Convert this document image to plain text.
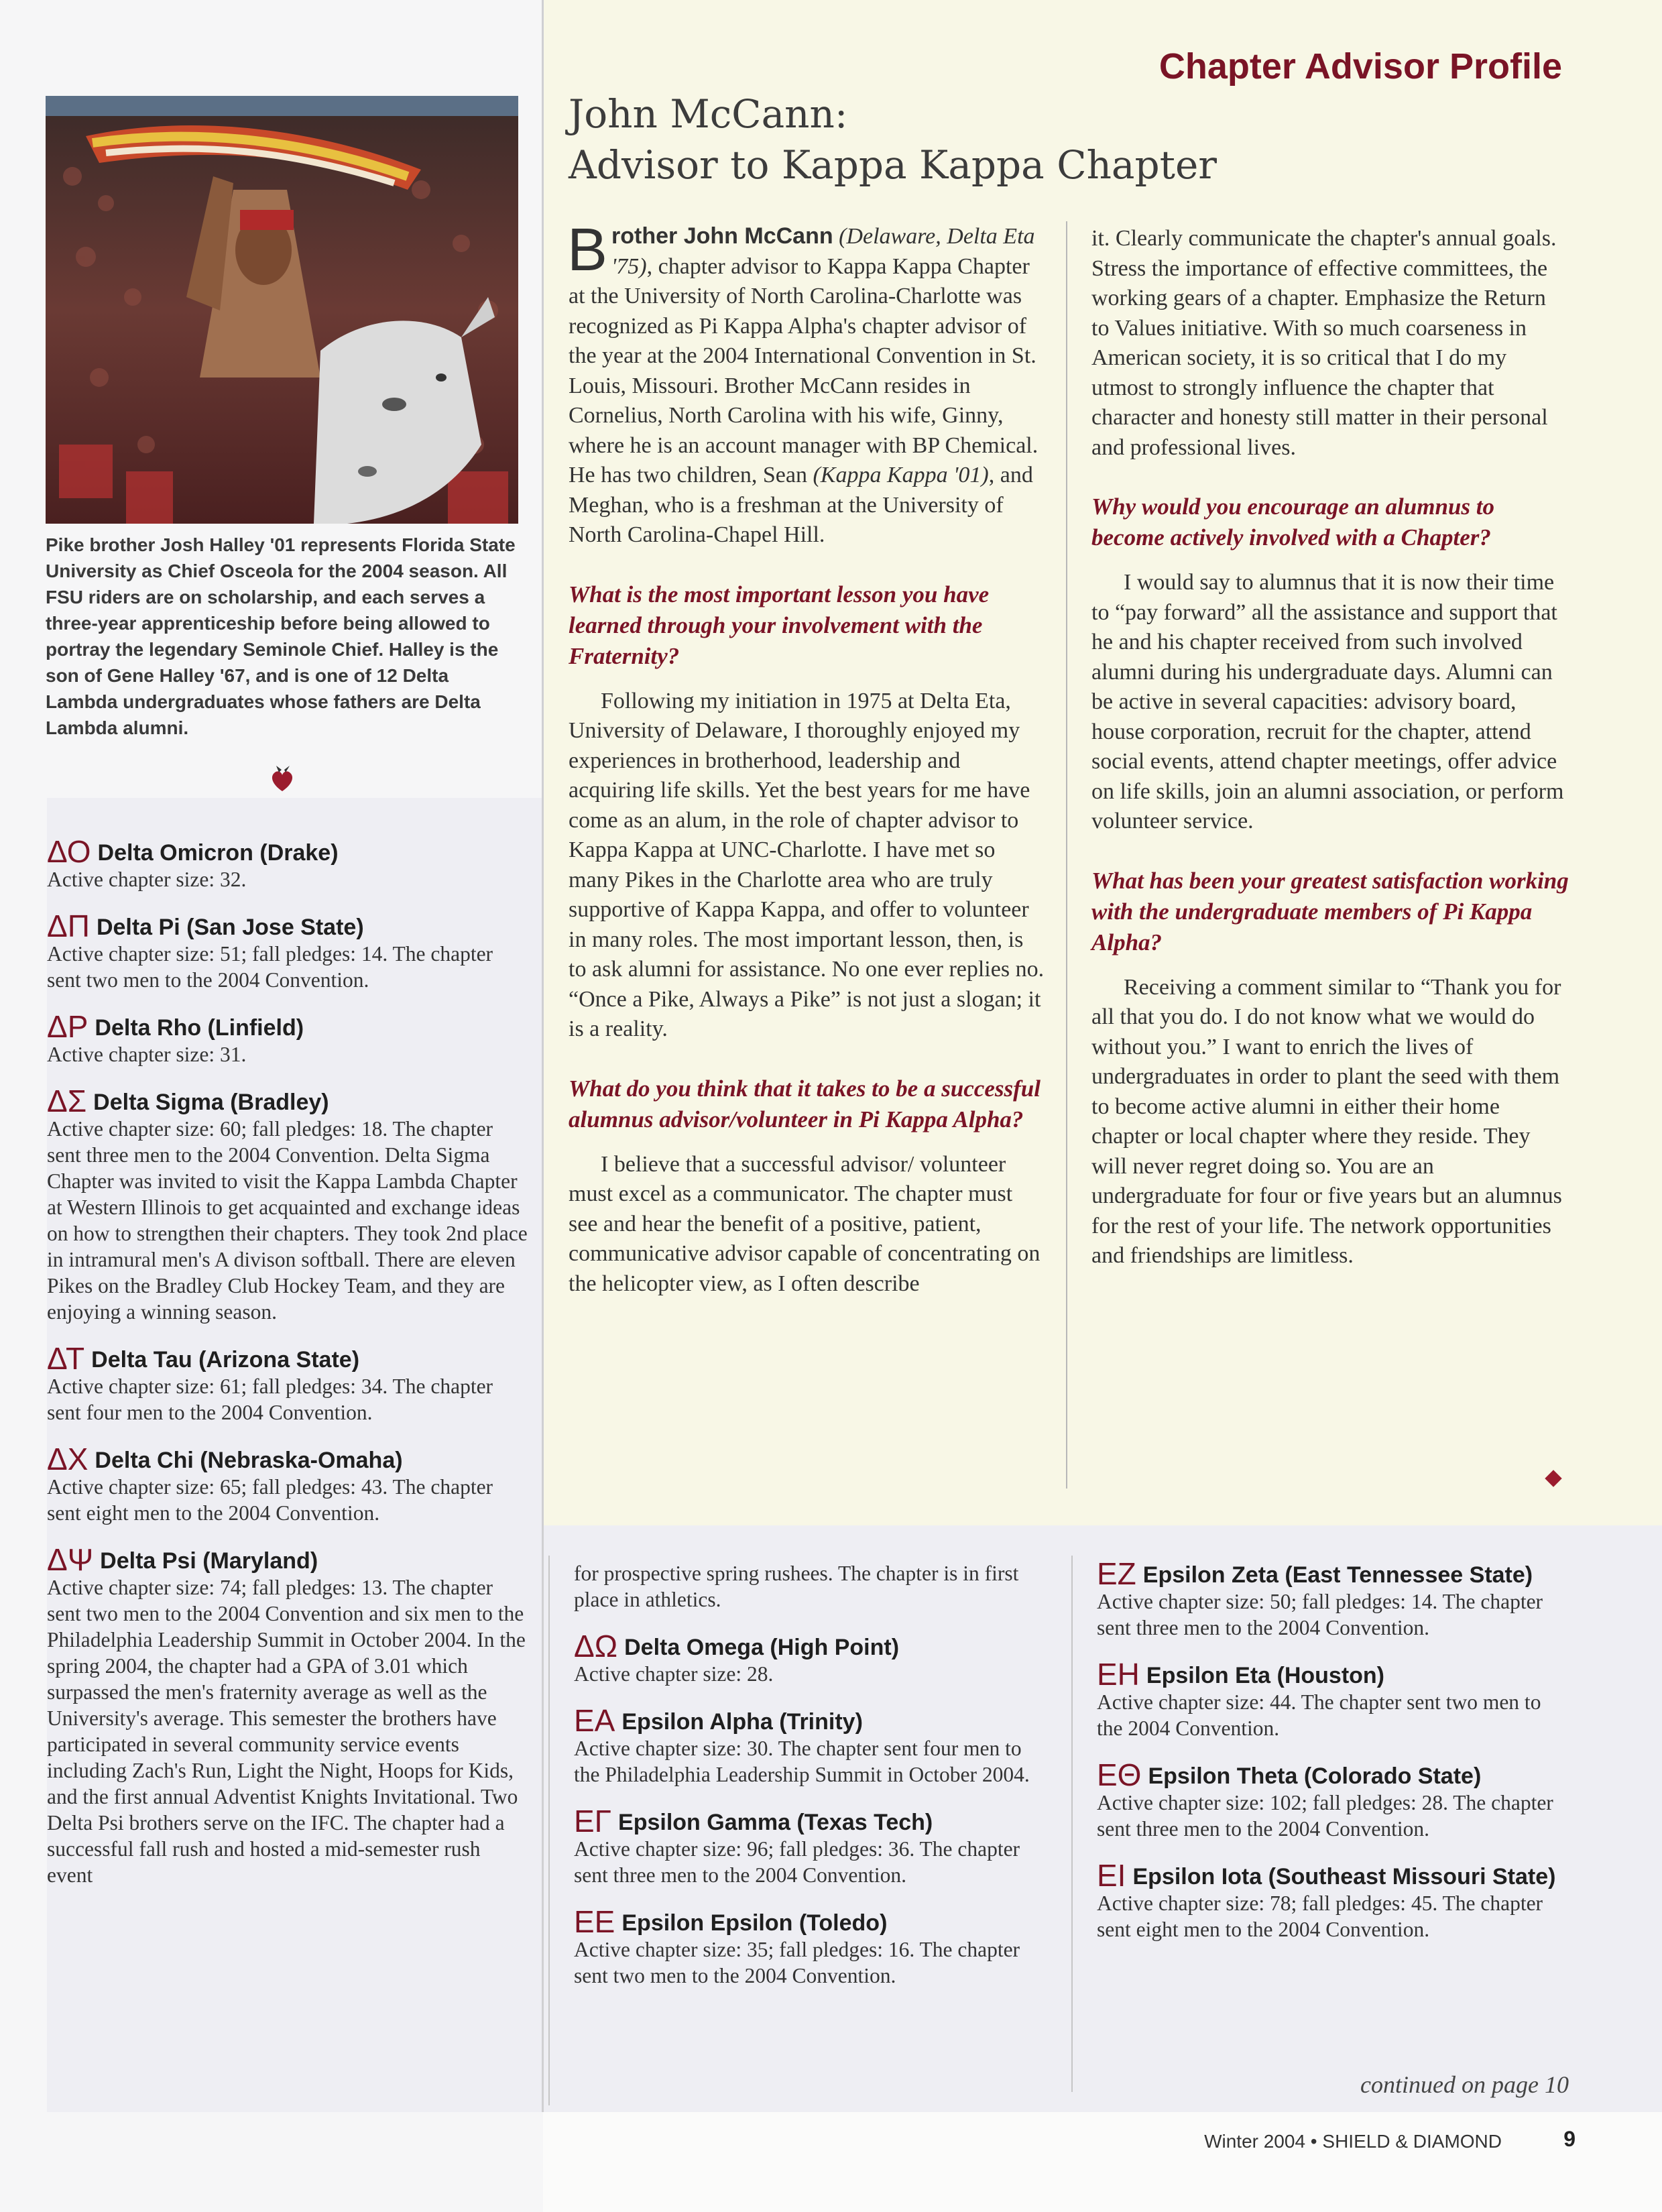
Chapter Advisor Profile
John McCann:
Advisor to Kappa Kappa Chapter
Pike brother Josh Halley '01 represents Florida State University as Chief Osceola for the 2004 season. All FSU riders are on scholarship, and each serves a three-year apprenticeship before being allowed to portray the legendary Seminole Chief. Halley is the son of Gene Halley '67, and is one of 12 Delta Lambda undergraduates whose fathers are Delta Lambda alumni.

Brother John McCann (Delaware, Delta Eta '75), chapter advisor to Kappa Kappa Chapter at the University of North Carolina-Charlotte was recognized as Pi Kappa Alpha's chapter advisor of the year at the 2004 International Convention in St. Louis, Missouri. Brother McCann resides in Cornelius, North Carolina with his wife, Ginny, where he is an account manager with BP Chemical. He has two children, Sean (Kappa Kappa '01), and Meghan, who is a freshman at the University of North Carolina-Chapel Hill.

What is the most important lesson you have learned through your involvement with the Fraternity?

Following my initiation in 1975 at Delta Eta, University of Delaware, I thoroughly enjoyed my experiences in brotherhood, leadership and acquiring life skills. Yet the best years for me have come as an alum, in the role of chapter advisor to Kappa Kappa at UNC-Charlotte. I have met so many Pikes in the Charlotte area who are truly supportive of Kappa Kappa, and offer to volunteer in many roles. The most important lesson, then, is to ask alumni for assistance. No one ever replies no. “Once a Pike, Always a Pike” is not just a slogan; it is a reality.

What do you think that it takes to be a successful alumnus advisor/volunteer in Pi Kappa Alpha?

I believe that a successful advisor/ volunteer must excel as a communicator. The chapter must see and hear the benefit of a positive, patient, communicative advisor capable of concentrating on the helicopter view, as I often describe

it. Clearly communicate the chapter's annual goals. Stress the importance of effective committees, the working gears of a chapter. Emphasize the Return to Values initiative. With so much coarseness in American society, it is so critical that I do my utmost to strongly influence the chapter that character and honesty still matter in their personal and professional lives.

Why would you encourage an alumnus to become actively involved with a Chapter?

I would say to alumnus that it is now their time to “pay forward” all the assistance and support that he and his chapter received from such involved alumni during his undergraduate days. Alumni can be active in several capacities: advisory board, house corporation, recruit for the chapter, attend social events, attend chapter meetings, offer advice on life skills, join an alumni association, or perform volunteer service.

What has been your greatest satisfaction working with the undergraduate members of Pi Kappa Alpha?

Receiving a comment similar to “Thank you for all that you do. I do not know what we would do without you.” I want to enrich the lives of undergraduates in order to plant the seed with them to become active alumni in either their home chapter or local chapter where they reside. They will never regret doing so. You are an undergraduate for four or five years but an alumnus for the rest of your life. The network opportunities and friendships are limitless.

ΔΟ Delta Omicron (Drake)
Active chapter size: 32.
ΔΠ Delta Pi (San Jose State)
Active chapter size: 51; fall pledges: 14. The chapter sent two men to the 2004 Convention.
ΔΡ Delta Rho (Linfield)
Active chapter size: 31.
ΔΣ Delta Sigma (Bradley)
Active chapter size: 60; fall pledges: 18. The chapter sent three men to the 2004 Convention. Delta Sigma Chapter was invited to visit the Kappa Lambda Chapter at Western Illinois to get acquainted and exchange ideas on how to strengthen their chapters. They took 2nd place in intramural men's A divison softball. There are eleven Pikes on the Bradley Club Hockey Team, and they are enjoying a winning season.
ΔΤ Delta Tau (Arizona State)
Active chapter size: 61; fall pledges: 34. The chapter sent four men to the 2004 Convention.
ΔΧ Delta Chi (Nebraska-Omaha)
Active chapter size: 65; fall pledges: 43. The chapter sent eight men to the 2004 Convention.
ΔΨ Delta Psi (Maryland)
Active chapter size: 74; fall pledges: 13. The chapter sent two men to the 2004 Convention and six men to the Philadelphia Leadership Summit in October 2004. In the spring 2004, the chapter had a GPA of 3.01 which surpassed the men's fraternity average as well as the University's average. This semester the brothers have participated in several community service events including Zach's Run, Light the Night, Hoops for Kids, and the first annual Adventist Knights Invitational. Two Delta Psi brothers serve on the IFC. The chapter had a successful fall rush and hosted a mid-semester rush event
for prospective spring rushees. The chapter is in first place in athletics.
ΔΩ Delta Omega (High Point)
Active chapter size: 28.
ΕΑ Epsilon Alpha (Trinity)
Active chapter size: 30. The chapter sent four men to the Philadelphia Leadership Summit in October 2004.
ΕΓ Epsilon Gamma (Texas Tech)
Active chapter size: 96; fall pledges: 36. The chapter sent three men to the 2004 Convention.
ΕΕ Epsilon Epsilon (Toledo)
Active chapter size: 35; fall pledges: 16. The chapter sent two men to the 2004 Convention.
ΕΖ Epsilon Zeta (East Tennessee State)
Active chapter size: 50; fall pledges: 14. The chapter sent three men to the 2004 Convention.
ΕΗ Epsilon Eta (Houston)
Active chapter size: 44. The chapter sent two men to the 2004 Convention.
ΕΘ Epsilon Theta (Colorado State)
Active chapter size: 102; fall pledges: 28. The chapter sent three men to the 2004 Convention.
ΕΙ Epsilon Iota (Southeast Missouri State)
Active chapter size: 78; fall pledges: 45. The chapter sent eight men to the 2004 Convention.
continued on page 10
Winter 2004 • SHIELD & DIAMOND	9
